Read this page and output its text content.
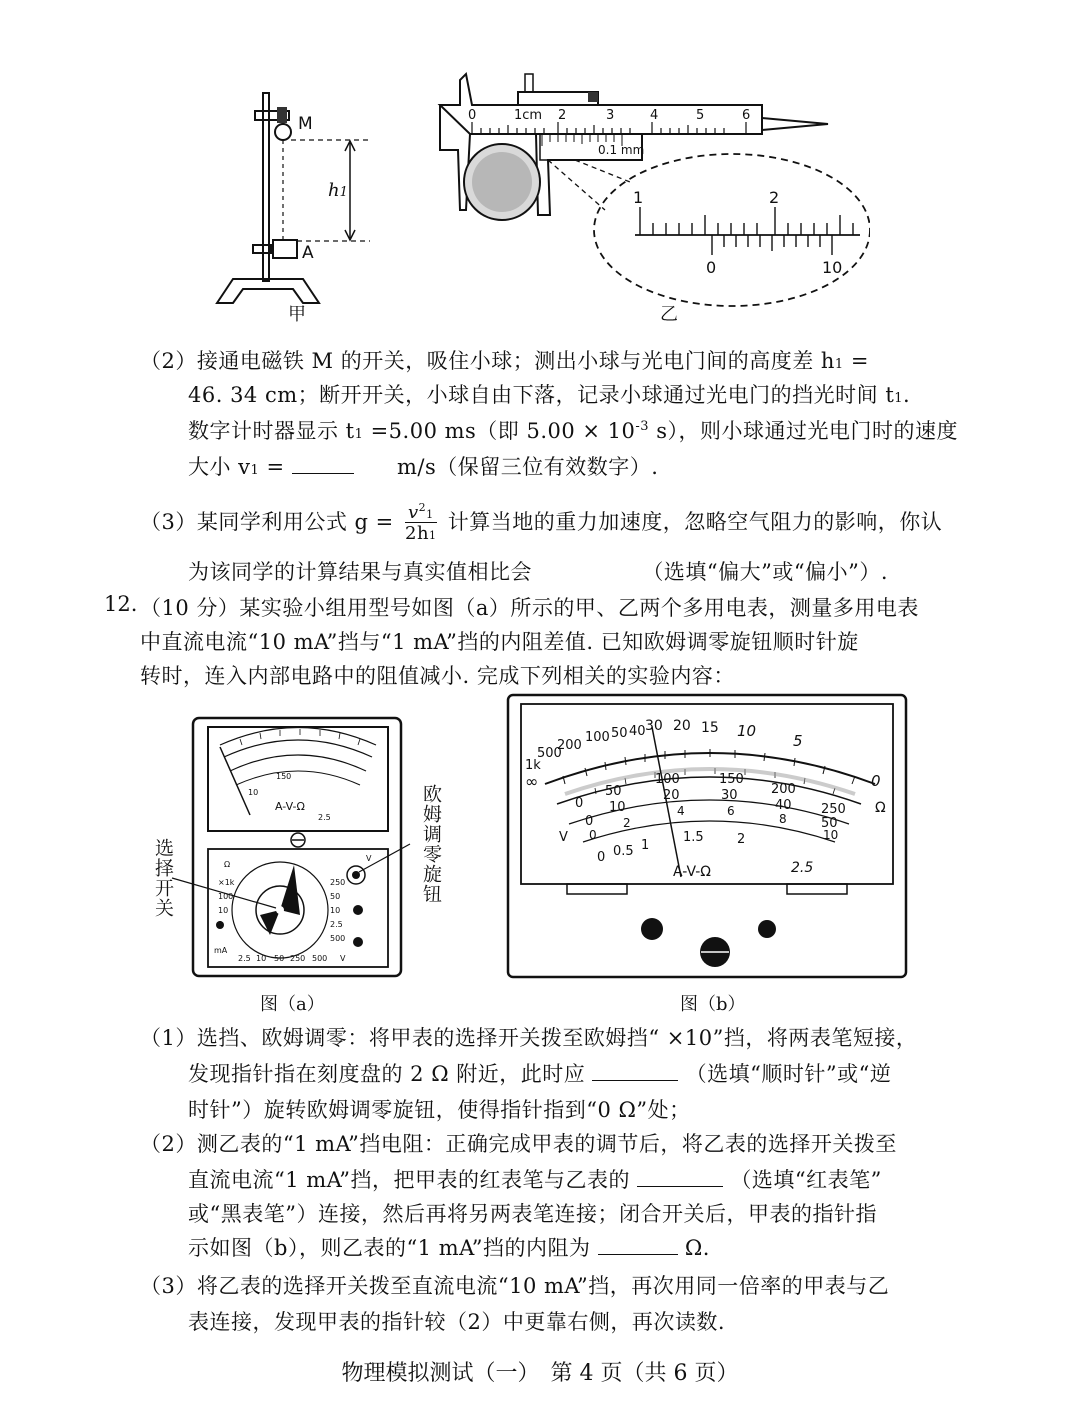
M
A
h1
甲
0	1cm 2	3	4	5	6
0.1 mm
1	2
0	10
乙
（2）接通电磁铁 M 的开关，吸住小球；测出小球与光电门间的高度差 h1 =
46. 34 cm；断开开关，小球自由下落，记录小球通过光电门的挡光时间 t1.
数字计时器显示 t1 =5.00 ms（即 $5.00 \times 10^{-3}$ s），则小球通过光电门时的速度
大小 v1 =	m/s（保留三位有效数字）.
（3）某同学利用公式 $g = \frac{v^21}{2h1}$ 计算当地的重力加速度，忽略空气阻力的影响，你认
为该同学的计算结果与真实值相比会	（选填“偏大”或“偏小”）.
12. （10 分）某实验小组用型号如图（a）所示的甲、乙两个多用电表，测量多用电表
中直流电流“10 mA”挡与“1 mA”挡的内阻差值. 已知欧姆调零旋钮顺时针旋
转时，连入内部电路中的阻值减小. 完成下列相关的实验内容：
Ω
V
×1k
100
10
1
mA
250
50
10
2.5
500
2.5 10 50 250 500 V
2.5
150
10
A-V-Ω
选择开关	欧姆调零旋钮
图（a）
∞
1k
500
200
100 50 40 30 20 15 10
5
0
0
50
100	150
200
250
0
10
20	30
40
50
0
2
4	6
8
10
0 0.5 1
1.5	2
2.5
Ω
V
A-V-Ω
图（b）
（1）选挡、欧姆调零：将甲表的选择开关拨至欧姆挡“ ×10”挡，将两表笔短接，
发现指针指在刻度盘的 2 Ω 附近，此时应	（选填“顺时针”或“逆
时针”）旋转欧姆调零旋钮，使得指针指到“0 Ω”处；
（2）测乙表的“1 mA”挡电阻：正确完成甲表的调节后，将乙表的选择开关拨至
直流电流“1 mA”挡，把甲表的红表笔与乙表的	（选填“红表笔”
或“黑表笔”）连接，然后再将另两表笔连接；闭合开关后，甲表的指针指
示如图（b），则乙表的“1 mA”挡的内阻为	Ω.
（3）将乙表的选择开关拨至直流电流“10 mA”挡，再次用同一倍率的甲表与乙
表连接，发现甲表的指针较（2）中更靠右侧，再次读数.
物理模拟测试（一）　第 4 页（共 6 页）
